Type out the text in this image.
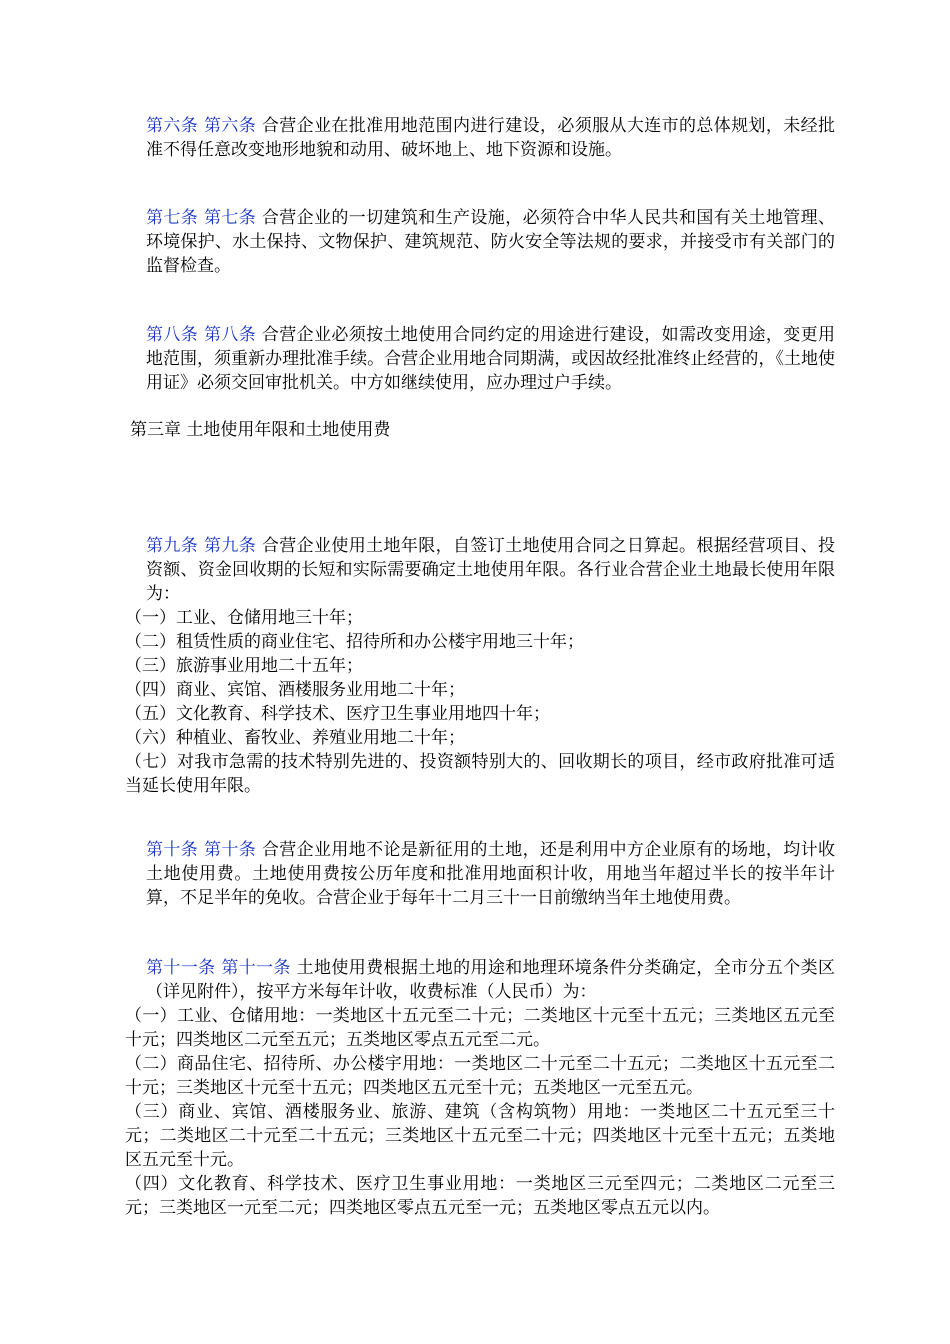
第六条 第六条 合营企业在批准用地范围内进行建设，必须服从大连市的总体规划，未经批准不得任意改变地形地貌和动用、破坏地上、地下资源和设施。
第七条 第七条 合营企业的一切建筑和生产设施，必须符合中华人民共和国有关土地管理、环境保护、水土保持、文物保护、建筑规范、防火安全等法规的要求，并接受市有关部门的监督检查。
第八条 第八条 合营企业必须按土地使用合同约定的用途进行建设，如需改变用途，变更用地范围，须重新办理批准手续。合营企业用地合同期满，或因故经批准终止经营的，《土地使用证》必须交回审批机关。中方如继续使用，应办理过户手续。
第三章 土地使用年限和土地使用费
第九条 第九条 合营企业使用土地年限，自签订土地使用合同之日算起。根据经营项目、投资额、资金回收期的长短和实际需要确定土地使用年限。各行业合营企业土地最长使用年限为：
（一）工业、仓储用地三十年；
（二）租赁性质的商业住宅、招待所和办公楼宇用地三十年；
（三）旅游事业用地二十五年；
（四）商业、宾馆、酒楼服务业用地二十年；
（五）文化教育、科学技术、医疗卫生事业用地四十年；
（六）种植业、畜牧业、养殖业用地二十年；
（七）对我市急需的技术特别先进的、投资额特别大的、回收期长的项目，经市政府批准可适当延长使用年限。
第十条 第十条 合营企业用地不论是新征用的土地，还是利用中方企业原有的场地，均计收土地使用费。土地使用费按公历年度和批准用地面积计收，用地当年超过半长的按半年计算，不足半年的免收。合营企业于每年十二月三十一日前缴纳当年土地使用费。
第十一条 第十一条 土地使用费根据土地的用途和地理环境条件分类确定，全市分五个类区（详见附件），按平方米每年计收，收费标准（人民币）为：
（一）工业、仓储用地：一类地区十五元至二十元；二类地区十元至十五元；三类地区五元至十元；四类地区二元至五元；五类地区零点五元至二元。
（二）商品住宅、招待所、办公楼宇用地：一类地区二十元至二十五元；二类地区十五元至二十元；三类地区十元至十五元；四类地区五元至十元；五类地区一元至五元。
（三）商业、宾馆、酒楼服务业、旅游、建筑（含构筑物）用地：一类地区二十五元至三十元；二类地区二十元至二十五元；三类地区十五元至二十元；四类地区十元至十五元；五类地区五元至十元。
（四）文化教育、科学技术、医疗卫生事业用地：一类地区三元至四元；二类地区二元至三元；三类地区一元至二元；四类地区零点五元至一元；五类地区零点五元以内。
